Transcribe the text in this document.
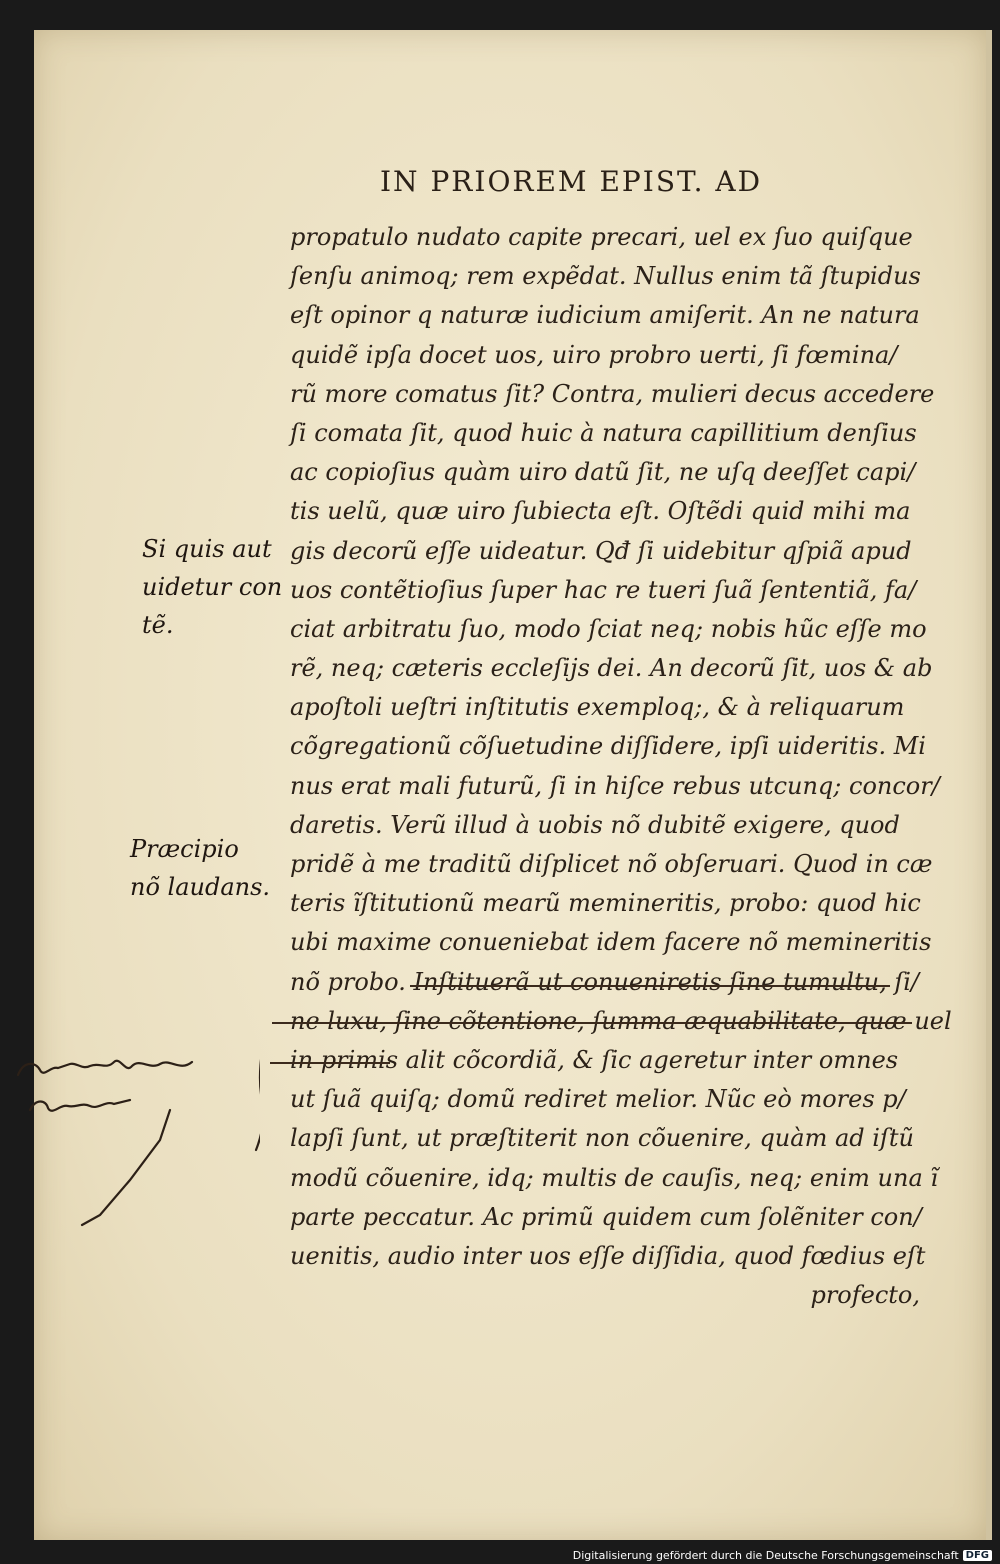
IN PRIOREM EPIST. AD
propatulo nudato capite precari, uel ex ſuo quiſque
ſenſu animoq; rem expẽdat. Nullus enim tã ſtupidus
eſt opinor q naturæ iudicium amiſerit. An ne natura
quidẽ ipſa docet uos, uiro probro uerti, ſi fœmina/
rũ more comatus ſit? Contra, mulieri decus accedere
ſi comata ſit, quod huic à natura capillitium denſius
ac copioſius quàm uiro datũ ſit, ne uſq deeſſet capi/
tis uelũ, quæ uiro ſubiecta eſt. Oſtẽdi quid mihi ma
gis decorũ eſſe uideatur. Qđ ſi uidebitur qſpiã apud
uos contẽtioſius ſuper hac re tueri ſuã ſententiã, fa/
ciat arbitratu ſuo, modo ſciat neq; nobis hũc eſſe mo
rẽ, neq; cæteris eccleſijs dei. An decorũ ſit, uos & ab
apoſtoli ueſtri inſtitutis exemploq;, & à reliquarum
cõgregationũ cõſuetudine diſſidere, ipſi uideritis. Mi
nus erat mali futurũ, ſi in hiſce rebus utcunq; concor/
daretis. Verũ illud à uobis nõ dubitẽ exigere, quod
pridẽ à me traditũ diſplicet nõ obſeruari. Quod in cæ
teris ĩſtitutionũ mearũ memineritis, probo: quod hic
ubi maxime conueniebat idem facere nõ memineritis
nõ probo. Inſtituerã ut conueniretis ſine tumultu, ſi/
ne luxu, ſine cõtentione, ſumma æquabilitate, quæ uel
in primis alit cõcordiã, & ſic ageretur inter omnes
ut ſuã quiſq; domũ rediret melior. Nũc eò mores p/
lapſi ſunt, ut præſtiterit non cõuenire, quàm ad iſtũ
modũ cõuenire, idq; multis de cauſis, neq; enim una ĩ
parte peccatur. Ac primũ quidem cum ſolẽniter con/
uenitis, audio inter uos eſſe diſſidia, quod fœdius eſt
profecto,
Si quis aut
uidetur con
tẽ.
Præcipio
nõ laudans.
Digitalisierung gefördert durch die Deutsche Forschungsgemeinschaft DFG
